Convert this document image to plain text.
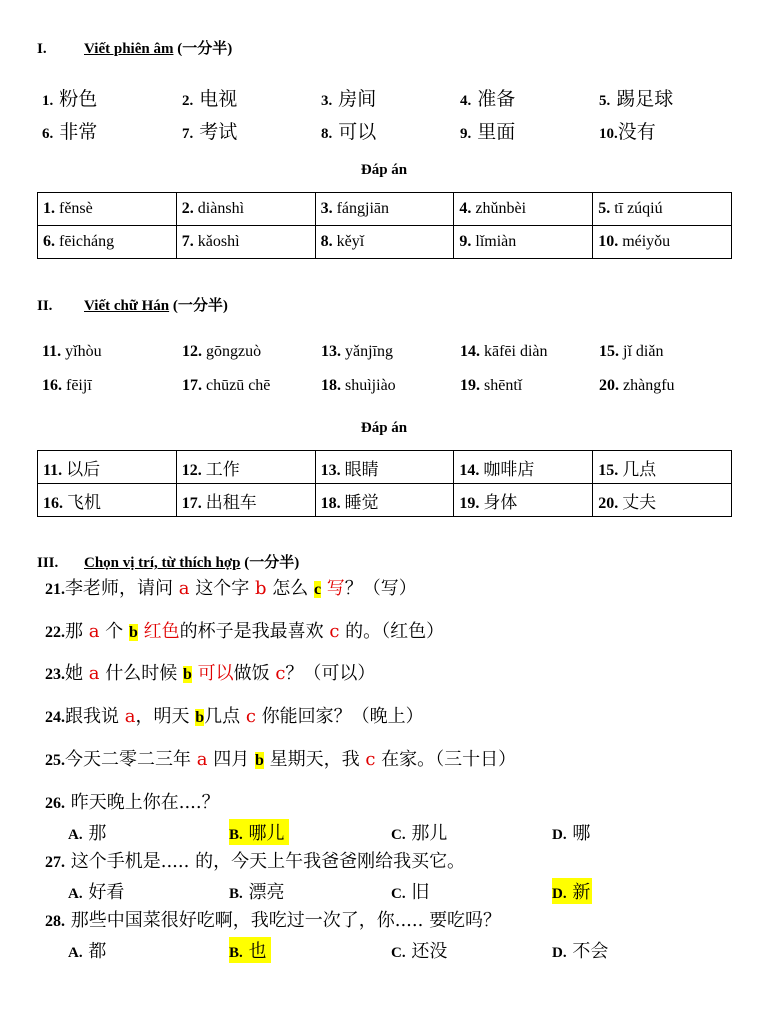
I. Viết phiên âm (一分半)
1. 粉色	2. 电视	3. 房间	4. 准备	5. 踢足球
6. 非常	7. 考试	8. 可以	9. 里面	10.没有
Đáp án
1. fěnsè	2. diànshì	3. fángjiān	4. zhǔnbèi	5. tī zúqiú
6. fēicháng	7. kǎoshì	8. kěyǐ	9. lǐmiàn	10. méiyǒu
II. Viết chữ Hán (一分半)
11. yǐhòu	12. gōngzuò	13. yǎnjīng	14. kāfēi diàn	15. jǐ diǎn
16. fēijī	17. chūzū chē	18. shuìjiào	19. shēntǐ	20. zhàngfu
Đáp án
11. 以后	12. 工作	13. 眼睛	14. 咖啡店	15. 几点
16. 飞机	17. 出租车	18. 睡觉	19. 身体	20. 丈夫
III. Chọn vị trí, từ thích hợp (一分半)
21.李老师，请问 a 这个字 b 怎么 c 写？（写）
22.那 a 个 b 红色的杯子是我最喜欢 c 的。（红色）
23.她 a 什么时候 b 可以做饭 c？（可以）
24.跟我说 a，明天 b几点 c 你能回家？（晚上）
25.今天二零二三年 a 四月 b 星期天，我 c 在家。（三十日）
26. 昨天晚上你在....？
A. 那	B. 哪儿	C. 那儿	D. 哪
27. 这个手机是..... 的，今天上午我爸爸刚给我买它。
A. 好看	B. 漂亮	C. 旧	D. 新
28. 那些中国菜很好吃啊，我吃过一次了，你..... 要吃吗？
A. 都	B. 也	C. 还没	D. 不会
